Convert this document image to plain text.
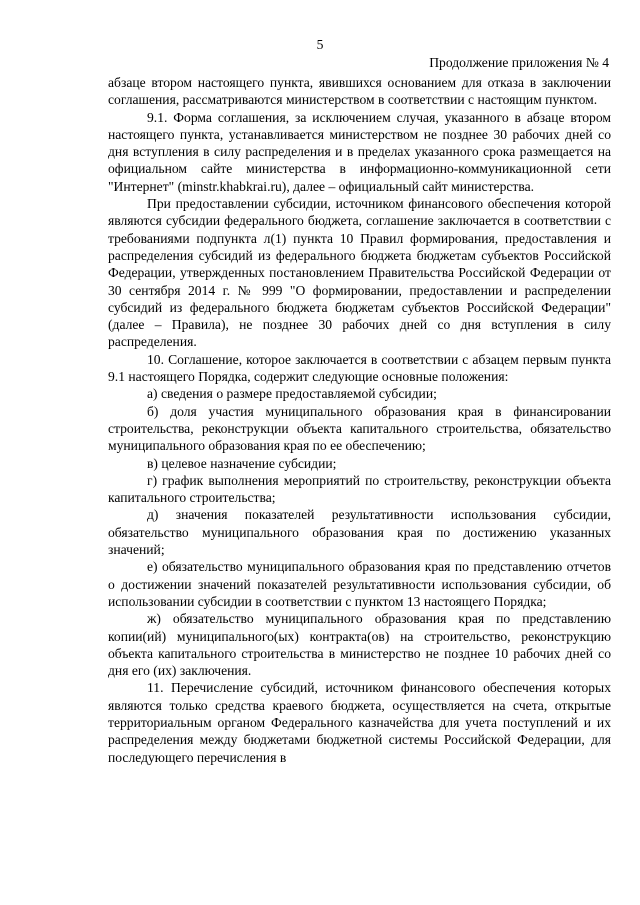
5

Продолжение приложения № 4

абзаце втором настоящего пункта, явившихся основанием для отказа в заключении соглашения, рассматриваются министерством в соответствии с настоящим пунктом.

9.1. Форма соглашения, за исключением случая, указанного в абзаце втором настоящего пункта, устанавливается министерством не позднее 30 рабочих дней со дня вступления в силу распределения и в пределах указанного срока размещается на официальном сайте министерства в информационно-коммуникационной сети "Интернет" (minstr.khabkrai.ru), далее – официальный сайт министерства.

При предоставлении субсидии, источником финансового обеспечения которой являются субсидии федерального бюджета, соглашение заключается в соответствии с требованиями подпункта л(1) пункта 10 Правил формирования, предоставления и распределения субсидий из федерального бюджета бюджетам субъектов Российской Федерации, утвержденных постановлением Правительства Российской Федерации от 30 сентября 2014 г. № 999 "О формировании, предоставлении и распределении субсидий из федерального бюджета бюджетам субъектов Российской Федерации" (далее – Правила), не позднее 30 рабочих дней со дня вступления в силу распределения.

10. Соглашение, которое заключается в соответствии с абзацем первым пункта 9.1 настоящего Порядка, содержит следующие основные положения:

а) сведения о размере предоставляемой субсидии;

б) доля участия муниципального образования края в финансировании строительства, реконструкции объекта капитального строительства, обязательство муниципального образования края по ее обеспечению;

в) целевое назначение субсидии;

г) график выполнения мероприятий по строительству, реконструкции объекта капитального строительства;

д) значения показателей результативности использования субсидии, обязательство муниципального образования края по достижению указанных значений;

е) обязательство муниципального образования края по представлению отчетов о достижении значений показателей результативности использования субсидии, об использовании субсидии в соответствии с пунктом 13 настоящего Порядка;

ж) обязательство муниципального образования края по представлению копии(ий) муниципального(ых) контракта(ов) на строительство, реконструкцию объекта капитального строительства в министерство не позднее 10 рабочих дней со дня его (их) заключения.

11. Перечисление субсидий, источником финансового обеспечения которых являются только средства краевого бюджета, осуществляется на счета, открытые территориальным органом Федерального казначейства для учета поступлений и их распределения между бюджетами бюджетной системы Российской Федерации, для последующего перечисления в
